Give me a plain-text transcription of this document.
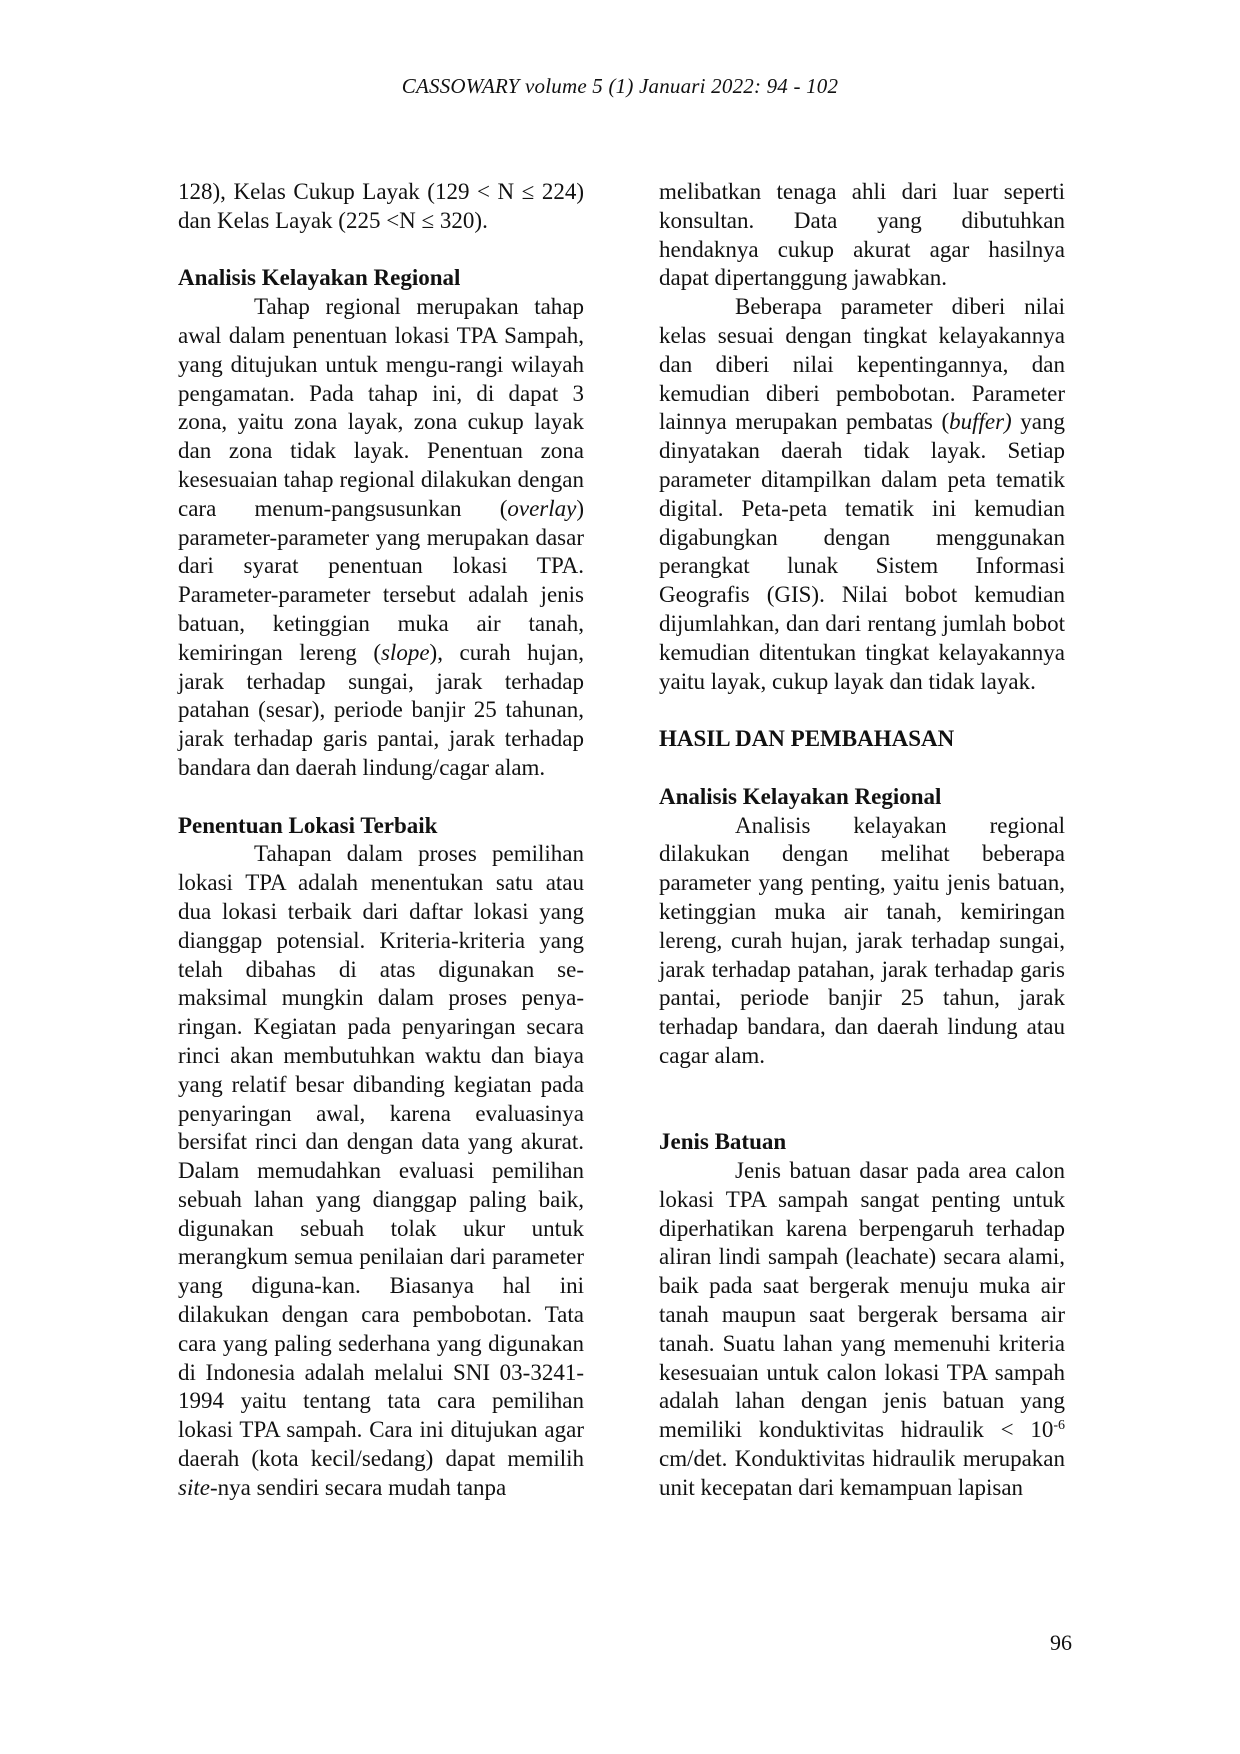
CASSOWARY volume 5 (1) Januari 2022: 94 - 102

128), Kelas Cukup Layak (129 < N ≤ 224) dan Kelas Layak (225 <N ≤ 320).

Analisis Kelayakan Regional

Tahap regional merupakan tahap awal dalam penentuan lokasi TPA Sampah, yang ditujukan untuk mengu-rangi wilayah pengamatan. Pada tahap ini, di dapat 3 zona, yaitu zona layak, zona cukup layak dan zona tidak layak. Penentuan zona kesesuaian tahap regional dilakukan dengan cara menum-pangsusunkan (overlay) parameter-parameter yang merupakan dasar dari syarat penentuan lokasi TPA. Parameter-parameter tersebut adalah jenis batuan, ketinggian muka air tanah, kemiringan lereng (slope), curah hujan, jarak terhadap sungai, jarak terhadap patahan (sesar), periode banjir 25 tahunan, jarak terhadap garis pantai, jarak terhadap bandara dan daerah lindung/cagar alam.

Penentuan Lokasi Terbaik

Tahapan dalam proses pemilihan lokasi TPA adalah menentukan satu atau dua lokasi terbaik dari daftar lokasi yang dianggap potensial. Kriteria-kriteria yang telah dibahas di atas digunakan se-maksimal mungkin dalam proses penya-ringan. Kegiatan pada penyaringan secara rinci akan membutuhkan waktu dan biaya yang relatif besar dibanding kegiatan pada penyaringan awal, karena evaluasinya bersifat rinci dan dengan data yang akurat. Dalam memudahkan evaluasi pemilihan sebuah lahan yang dianggap paling baik, digunakan sebuah tolak ukur untuk merangkum semua penilaian dari parameter yang diguna-kan. Biasanya hal ini dilakukan dengan cara pembobotan. Tata cara yang paling sederhana yang digunakan di Indonesia adalah melalui SNI 03-3241-1994 yaitu tentang tata cara pemilihan lokasi TPA sampah. Cara ini ditujukan agar daerah (kota kecil/sedang) dapat memilih site-nya sendiri secara mudah tanpa

melibatkan tenaga ahli dari luar seperti konsultan. Data yang dibutuhkan hendaknya cukup akurat agar hasilnya dapat dipertanggung jawabkan.

Beberapa parameter diberi nilai kelas sesuai dengan tingkat kelayakannya dan diberi nilai kepentingannya, dan kemudian diberi pembobotan. Parameter lainnya merupakan pembatas (buffer) yang dinyatakan daerah tidak layak. Setiap parameter ditampilkan dalam peta tematik digital. Peta-peta tematik ini kemudian digabungkan dengan menggunakan perangkat lunak Sistem Informasi Geografis (GIS). Nilai bobot kemudian dijumlahkan, dan dari rentang jumlah bobot kemudian ditentukan tingkat kelayakannya yaitu layak, cukup layak dan tidak layak.

HASIL DAN PEMBAHASAN
Analisis Kelayakan Regional

Analisis kelayakan regional dilakukan dengan melihat beberapa parameter yang penting, yaitu jenis batuan, ketinggian muka air tanah, kemiringan lereng, curah hujan, jarak terhadap sungai, jarak terhadap patahan, jarak terhadap garis pantai, periode banjir 25 tahun, jarak terhadap bandara, dan daerah lindung atau cagar alam.

Jenis Batuan

Jenis batuan dasar pada area calon lokasi TPA sampah sangat penting untuk diperhatikan karena berpengaruh terhadap aliran lindi sampah (leachate) secara alami, baik pada saat bergerak menuju muka air tanah maupun saat bergerak bersama air tanah. Suatu lahan yang memenuhi kriteria kesesuaian untuk calon lokasi TPA sampah adalah lahan dengan jenis batuan yang memiliki konduktivitas hidraulik < $10^{-6}$ cm/det. Konduktivitas hidraulik merupakan unit kecepatan dari kemampuan lapisan

96
